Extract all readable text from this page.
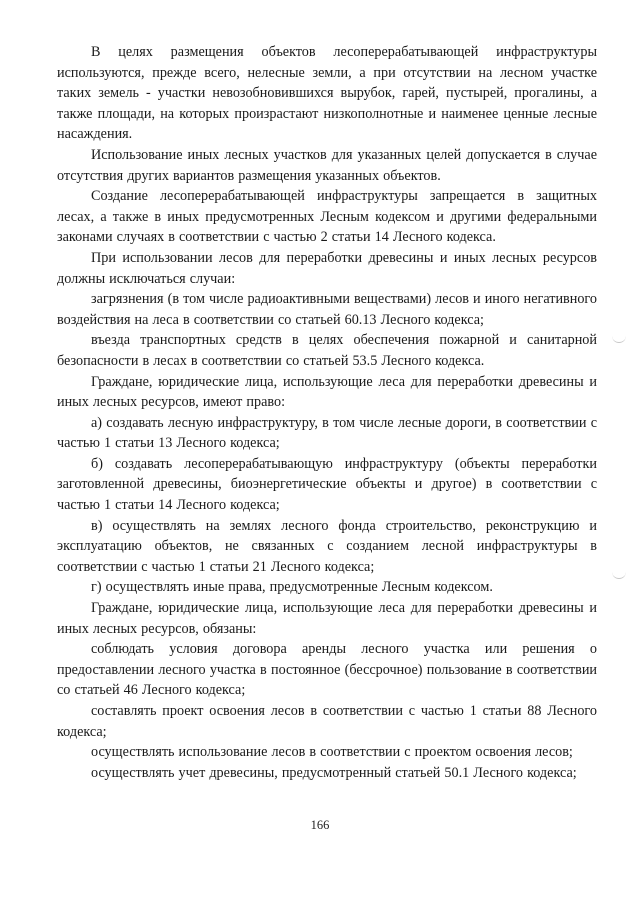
В целях размещения объектов лесоперерабатывающей инфраструктуры используются, прежде всего, нелесные земли, а при отсутствии на лесном участке таких земель - участки невозобновившихся вырубок, гарей, пустырей, прогалины, а также площади, на которых произрастают низкополнотные и наименее ценные лесные насаждения.

Использование иных лесных участков для указанных целей допускается в случае отсутствия других вариантов размещения указанных объектов.

Создание лесоперерабатывающей инфраструктуры запрещается в защитных лесах, а также в иных предусмотренных Лесным кодексом и другими федеральными законами случаях в соответствии с частью 2 статьи 14 Лесного кодекса.

При использовании лесов для переработки древесины и иных лесных ресурсов должны исключаться случаи:

загрязнения (в том числе радиоактивными веществами) лесов и иного негативного воздействия на леса в соответствии со статьей 60.13 Лесного кодекса;

въезда транспортных средств в целях обеспечения пожарной и санитарной безопасности в лесах в соответствии со статьей 53.5 Лесного кодекса.

Граждане, юридические лица, использующие леса для переработки древесины и иных лесных ресурсов, имеют право:

а) создавать лесную инфраструктуру, в том числе лесные дороги, в соответствии с частью 1 статьи 13 Лесного кодекса;

б) создавать лесоперерабатывающую инфраструктуру (объекты переработки заготовленной древесины, биоэнергетические объекты и другое) в соответствии с частью 1 статьи 14 Лесного кодекса;

в) осуществлять на землях лесного фонда строительство, реконструкцию и эксплуатацию объектов, не связанных с созданием лесной инфраструктуры в соответствии с частью 1 статьи 21 Лесного кодекса;

г) осуществлять иные права, предусмотренные Лесным кодексом.

Граждане, юридические лица, использующие леса для переработки древесины и иных лесных ресурсов, обязаны:

соблюдать условия договора аренды лесного участка или решения о предоставлении лесного участка в постоянное (бессрочное) пользование в соответствии со статьей 46 Лесного кодекса;

составлять проект освоения лесов в соответствии с частью 1 статьи 88 Лесного кодекса;

осуществлять использование лесов в соответствии с проектом освоения лесов;

осуществлять учет древесины, предусмотренный статьей 50.1 Лесного кодекса;

166
